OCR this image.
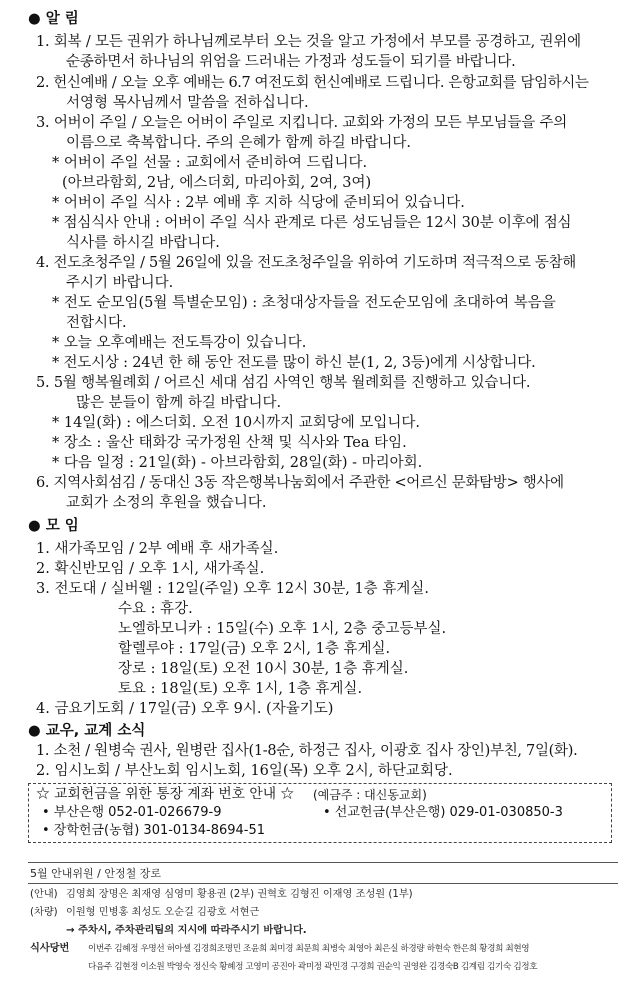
● 알 림
1. 회복 / 모든 권위가 하나님께로부터 오는 것을 알고 가정에서 부모를 공경하고, 권위에
순종하면서 하나님의 위엄을 드러내는 가정과 성도들이 되기를 바랍니다.
2. 헌신예배 / 오늘 오후 예배는 6.7 여전도회 헌신예배로 드립니다. 은항교회를 담임하시는
서영형 목사님께서 말씀을 전하십니다.
3. 어버이 주일 / 오늘은 어버이 주일로 지킵니다. 교회와 가정의 모든 부모님들을 주의
이름으로 축복합니다. 주의 은혜가 함께 하길 바랍니다.
* 어버이 주일 선물 : 교회에서 준비하여 드립니다.
(아브라함회, 2남, 에스더회, 마리아회, 2여, 3여)
* 어버이 주일 식사 : 2부 예배 후 지하 식당에 준비되어 있습니다.
* 점심식사 안내 : 어버이 주일 식사 관계로 다른 성도님들은 12시 30분 이후에 점심
식사를 하시길 바랍니다.
4. 전도초청주일 / 5월 26일에 있을 전도초청주일을 위하여 기도하며 적극적으로 동참해
주시기 바랍니다.
* 전도 순모임(5월 특별순모임) : 초청대상자들을 전도순모임에 초대하여 복음을
전합시다.
* 오늘 오후예배는 전도특강이 있습니다.
* 전도시상 : 24년 한 해 동안 전도를 많이 하신 분(1, 2, 3등)에게 시상합니다.
5. 5월 행복월례회 / 어르신 세대 섬김 사역인 행복 월례회를 진행하고 있습니다.
많은 분들이 함께 하길 바랍니다.
* 14일(화) : 에스더회. 오전 10시까지 교회당에 모입니다.
* 장소 : 울산 태화강 국가정원 산책 및 식사와 Tea 타임.
* 다음 일정 : 21일(화) - 아브라함회, 28일(화) - 마리아회.
6. 지역사회섬김 / 동대신 3동 작은행복나눔회에서 주관한 <어르신 문화탐방> 행사에
교회가 소정의 후원을 했습니다.
● 모 임
1. 새가족모임 / 2부 예배 후 새가족실.
2. 확신반모임 / 오후 1시, 새가족실.
3. 전도대 / 실버웰 : 12일(주일) 오후 12시 30분, 1층 휴게실.
수요 : 휴강.
노엘하모니카 : 15일(수) 오후 1시, 2층 중고등부실.
할렐루야 : 17일(금) 오후 2시, 1층 휴게실.
장로 : 18일(토) 오전 10시 30분, 1층 휴게실.
토요 : 18일(토) 오후 1시, 1층 휴게실.
4. 금요기도회 / 17일(금) 오후 9시. (자율기도)
● 교우, 교계 소식
1. 소천 / 원병숙 권사, 원병란 집사(1-8순, 하정근 집사, 이광호 집사 장인)부친, 7일(화).
2. 임시노회 / 부산노회 임시노회, 16일(목) 오후 2시, 하단교회당.
☆ 교회헌금을 위한 통장 계좌 번호 안내 ☆ (예금주 : 대신동교회)
• 부산은행 052-01-026679-9	• 선교헌금(부산은행) 029-01-030850-3
• 장학헌금(농협) 301-0134-8694-51
5월 안내위원 / 안정철 장로
(안내) 김영희 장명은 최재영 심영미 황용권 (2부) 권혁호 김형진 이재영 조성원 (1부)
(차량) 이원형 민병홍 최성도 오순길 김광호 서현근
→ 주차시, 주차관리팀의 지시에 따라주시기 바랍니다.
식사당번 이번주 김혜정 우명선 허아셀 김경희조명민 조윤희 최미경 최문희 최병숙 최영아 최은실 하경량 하현숙 한은희 황경희 최현영
다음주 김현정 이소원 박영숙 정신숙 황혜정 고영미 공진아 곽미정 곽민경 구경희 권순익 권영완 김경숙B 김계림 김기숙 김정호
